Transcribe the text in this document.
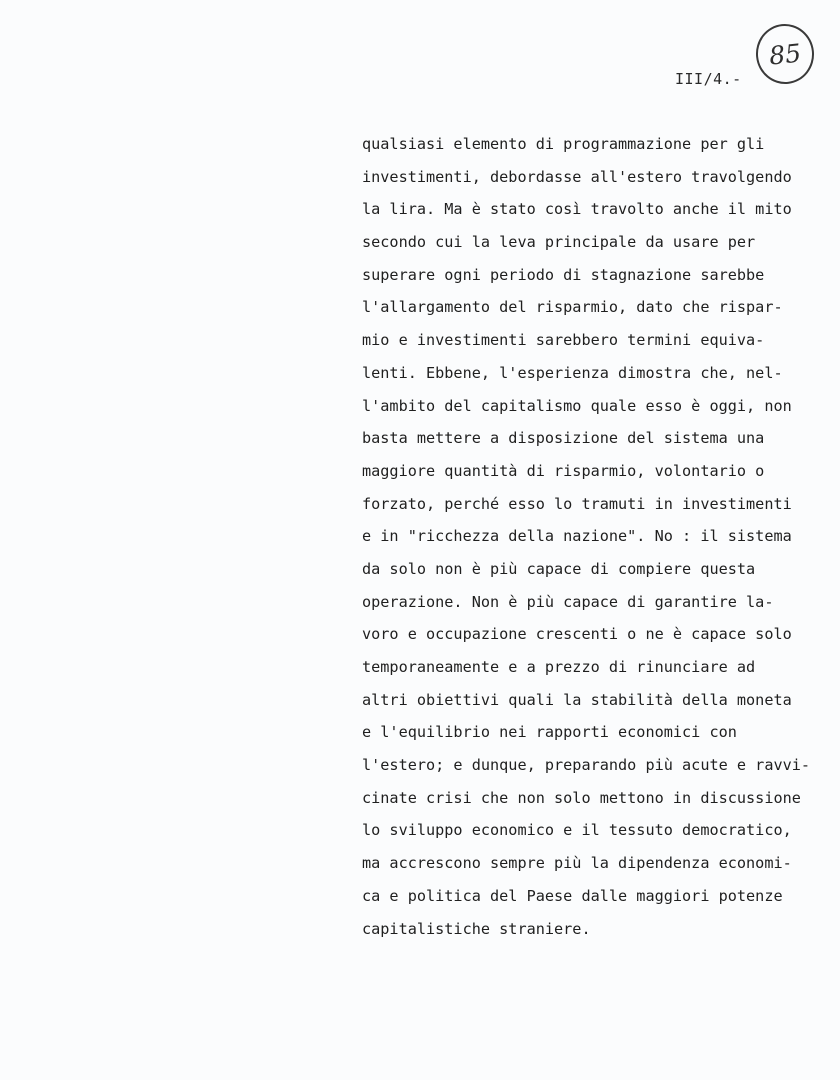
III/4.-
85
qualsiasi elemento di programmazione per gli
investimenti, debordasse all'estero travolgendo
la lira. Ma è stato così travolto anche il mito
secondo cui la leva principale da usare per
superare ogni periodo di stagnazione sarebbe
l'allargamento del risparmio, dato che rispar-
mio e investimenti sarebbero termini equiva-
lenti. Ebbene, l'esperienza dimostra che, nel-
l'ambito del capitalismo quale esso è oggi, non
basta mettere a disposizione del sistema una
maggiore quantità di risparmio, volontario o
forzato, perché esso lo tramuti in investimenti
e in "ricchezza della nazione". No : il sistema
da solo non è più capace di compiere questa
operazione. Non è più capace di garantire la-
voro e occupazione crescenti o ne è capace solo
temporaneamente e a prezzo di rinunciare ad
altri obiettivi quali la stabilità della moneta
e l'equilibrio nei rapporti economici con
l'estero; e dunque, preparando più acute e ravvi-
cinate crisi che non solo mettono in discussione
lo sviluppo economico e il tessuto democratico,
ma accrescono sempre più la dipendenza economi-
ca e politica del Paese dalle maggiori potenze
capitalistiche straniere.
